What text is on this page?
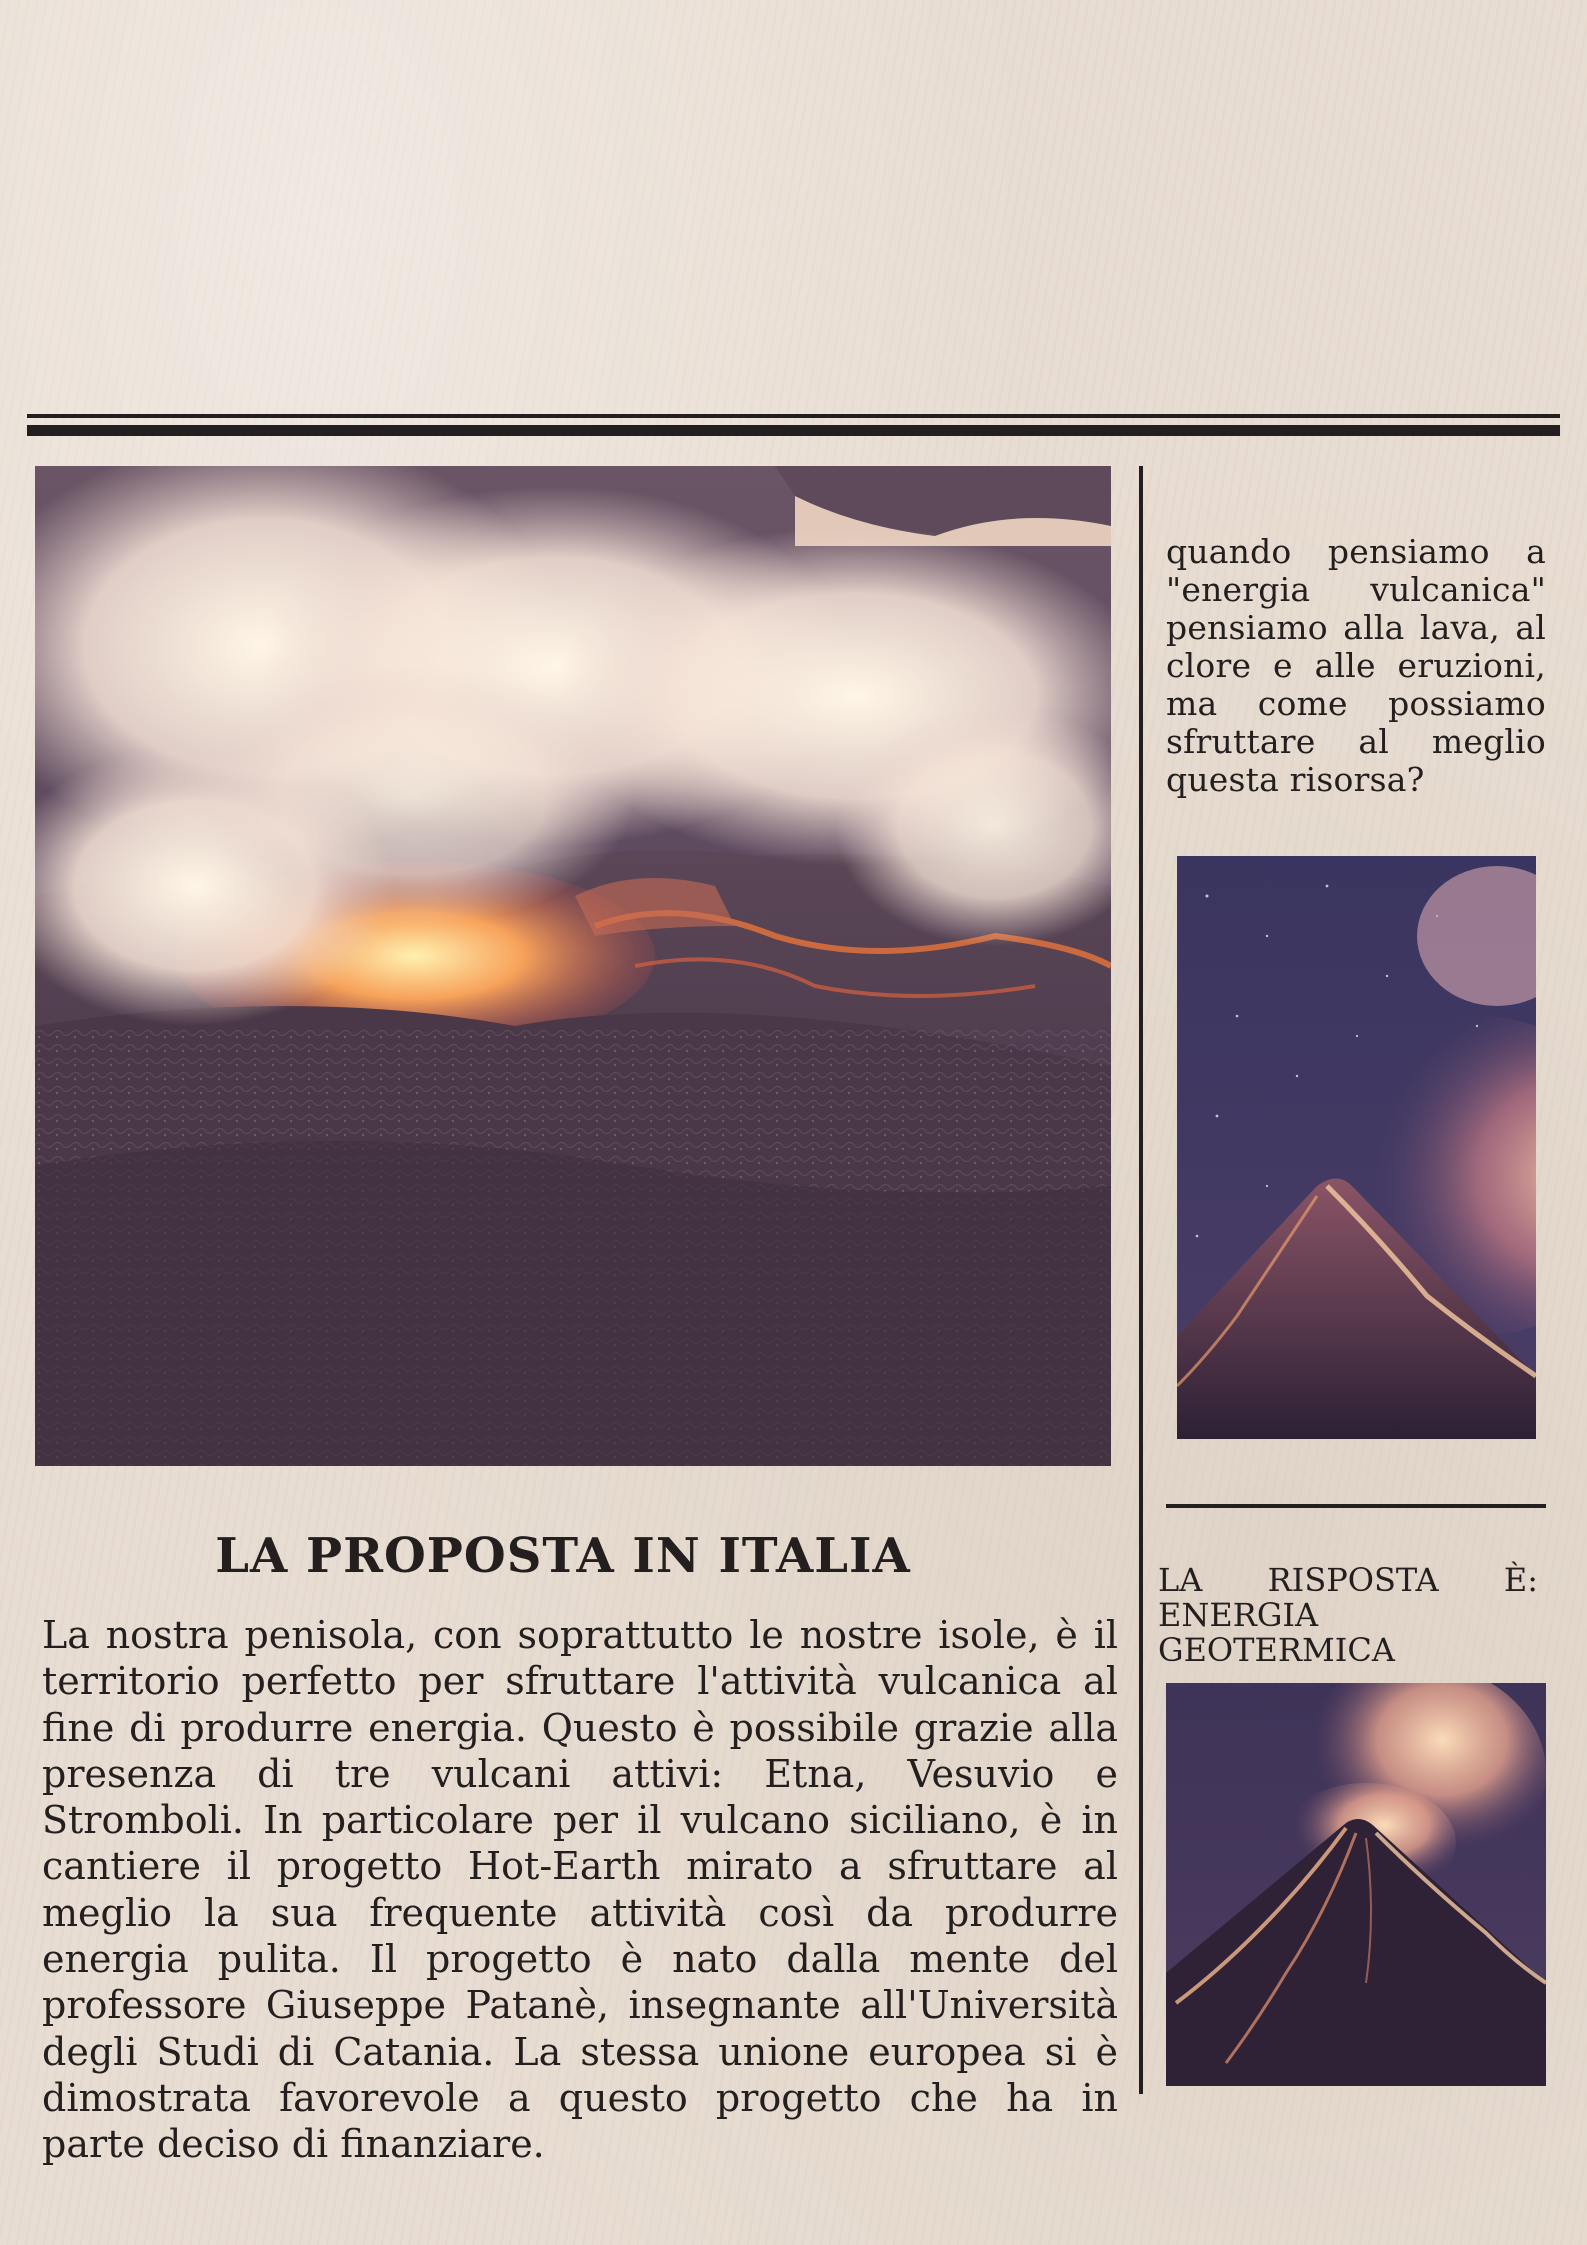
quando pensiamo a "energia vulcanica" pensiamo alla lava, al clore e alle eruzioni, ma come possiamo sfruttare al meglio questa risorsa?

LA RISPOSTA È: ENERGIA GEOTERMICA

LA PROPOSTA IN ITALIA

La nostra penisola, con soprattutto le nostre isole, è il territorio perfetto per sfruttare l'attività vulcanica al fine di produrre energia. Questo è possibile grazie alla presenza di tre vulcani attivi: Etna, Vesuvio e Stromboli. In particolare per il vulcano siciliano, è in cantiere il progetto Hot-Earth mirato a sfruttare al meglio la sua frequente attività così da produrre energia pulita. Il progetto è nato dalla mente del professore Giuseppe Patanè, insegnante all'Università degli Studi di Catania. La stessa unione europea si è dimostrata favorevole a questo progetto che ha in parte deciso di finanziare.
